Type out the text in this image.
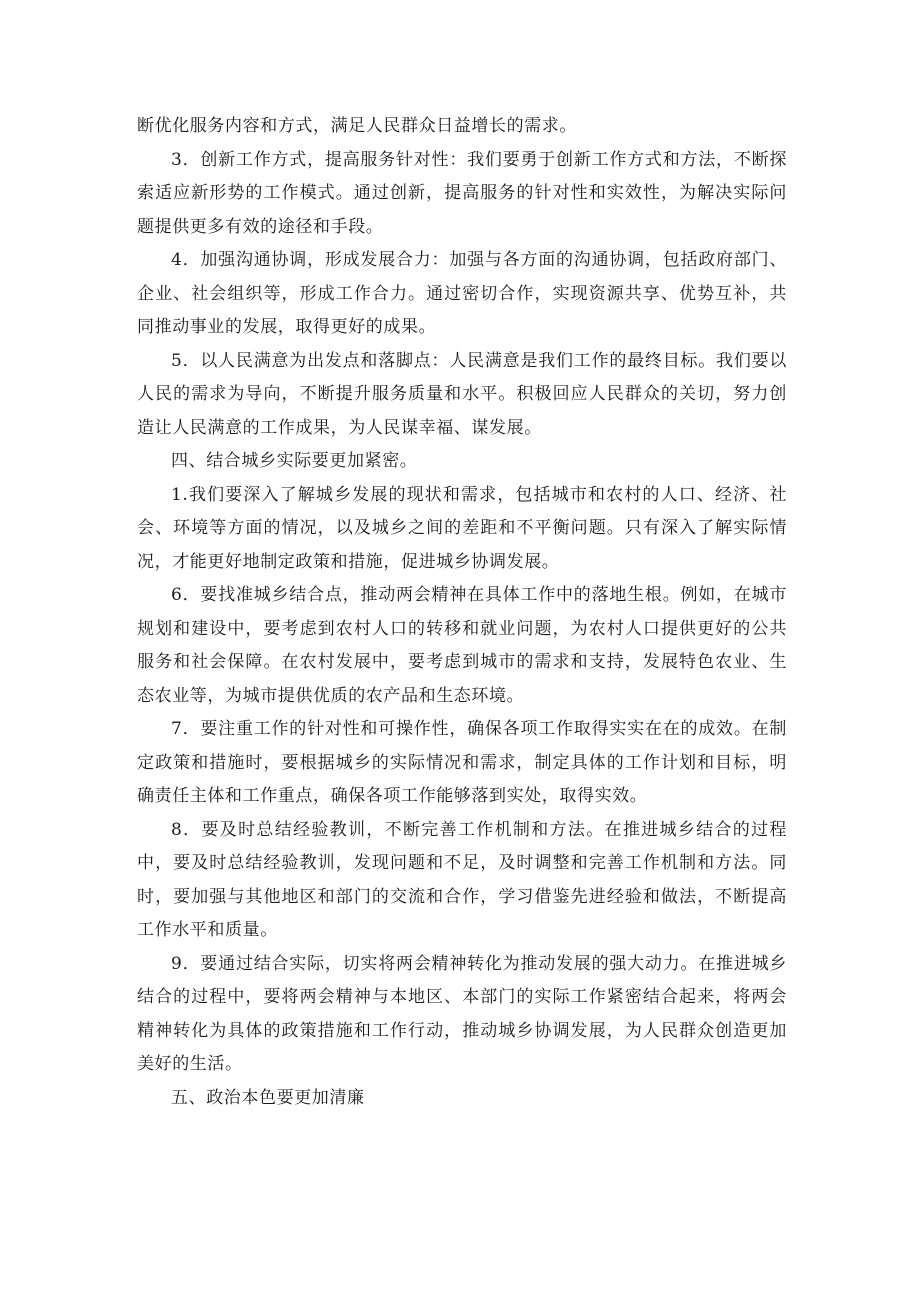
断优化服务内容和方式，满足人民群众日益增长的需求。

3．创新工作方式，提高服务针对性：我们要勇于创新工作方式和方法，不断探索适应新形势的工作模式。通过创新，提高服务的针对性和实效性，为解决实际问题提供更多有效的途径和手段。

4．加强沟通协调，形成发展合力：加强与各方面的沟通协调，包括政府部门、企业、社会组织等，形成工作合力。通过密切合作，实现资源共享、优势互补，共同推动事业的发展，取得更好的成果。

5．以人民满意为出发点和落脚点：人民满意是我们工作的最终目标。我们要以人民的需求为导向，不断提升服务质量和水平。积极回应人民群众的关切，努力创造让人民满意的工作成果，为人民谋幸福、谋发展。

四、结合城乡实际要更加紧密。

1.我们要深入了解城乡发展的现状和需求，包括城市和农村的人口、经济、社会、环境等方面的情况，以及城乡之间的差距和不平衡问题。只有深入了解实际情况，才能更好地制定政策和措施，促进城乡协调发展。

6．要找准城乡结合点，推动两会精神在具体工作中的落地生根。例如，在城市规划和建设中，要考虑到农村人口的转移和就业问题，为农村人口提供更好的公共服务和社会保障。在农村发展中，要考虑到城市的需求和支持，发展特色农业、生态农业等，为城市提供优质的农产品和生态环境。

7．要注重工作的针对性和可操作性，确保各项工作取得实实在在的成效。在制定政策和措施时，要根据城乡的实际情况和需求，制定具体的工作计划和目标，明确责任主体和工作重点，确保各项工作能够落到实处，取得实效。

8．要及时总结经验教训，不断完善工作机制和方法。在推进城乡结合的过程中，要及时总结经验教训，发现问题和不足，及时调整和完善工作机制和方法。同时，要加强与其他地区和部门的交流和合作，学习借鉴先进经验和做法，不断提高工作水平和质量。

9．要通过结合实际，切实将两会精神转化为推动发展的强大动力。在推进城乡结合的过程中，要将两会精神与本地区、本部门的实际工作紧密结合起来，将两会精神转化为具体的政策措施和工作行动，推动城乡协调发展，为人民群众创造更加美好的生活。

五、政治本色要更加清廉
